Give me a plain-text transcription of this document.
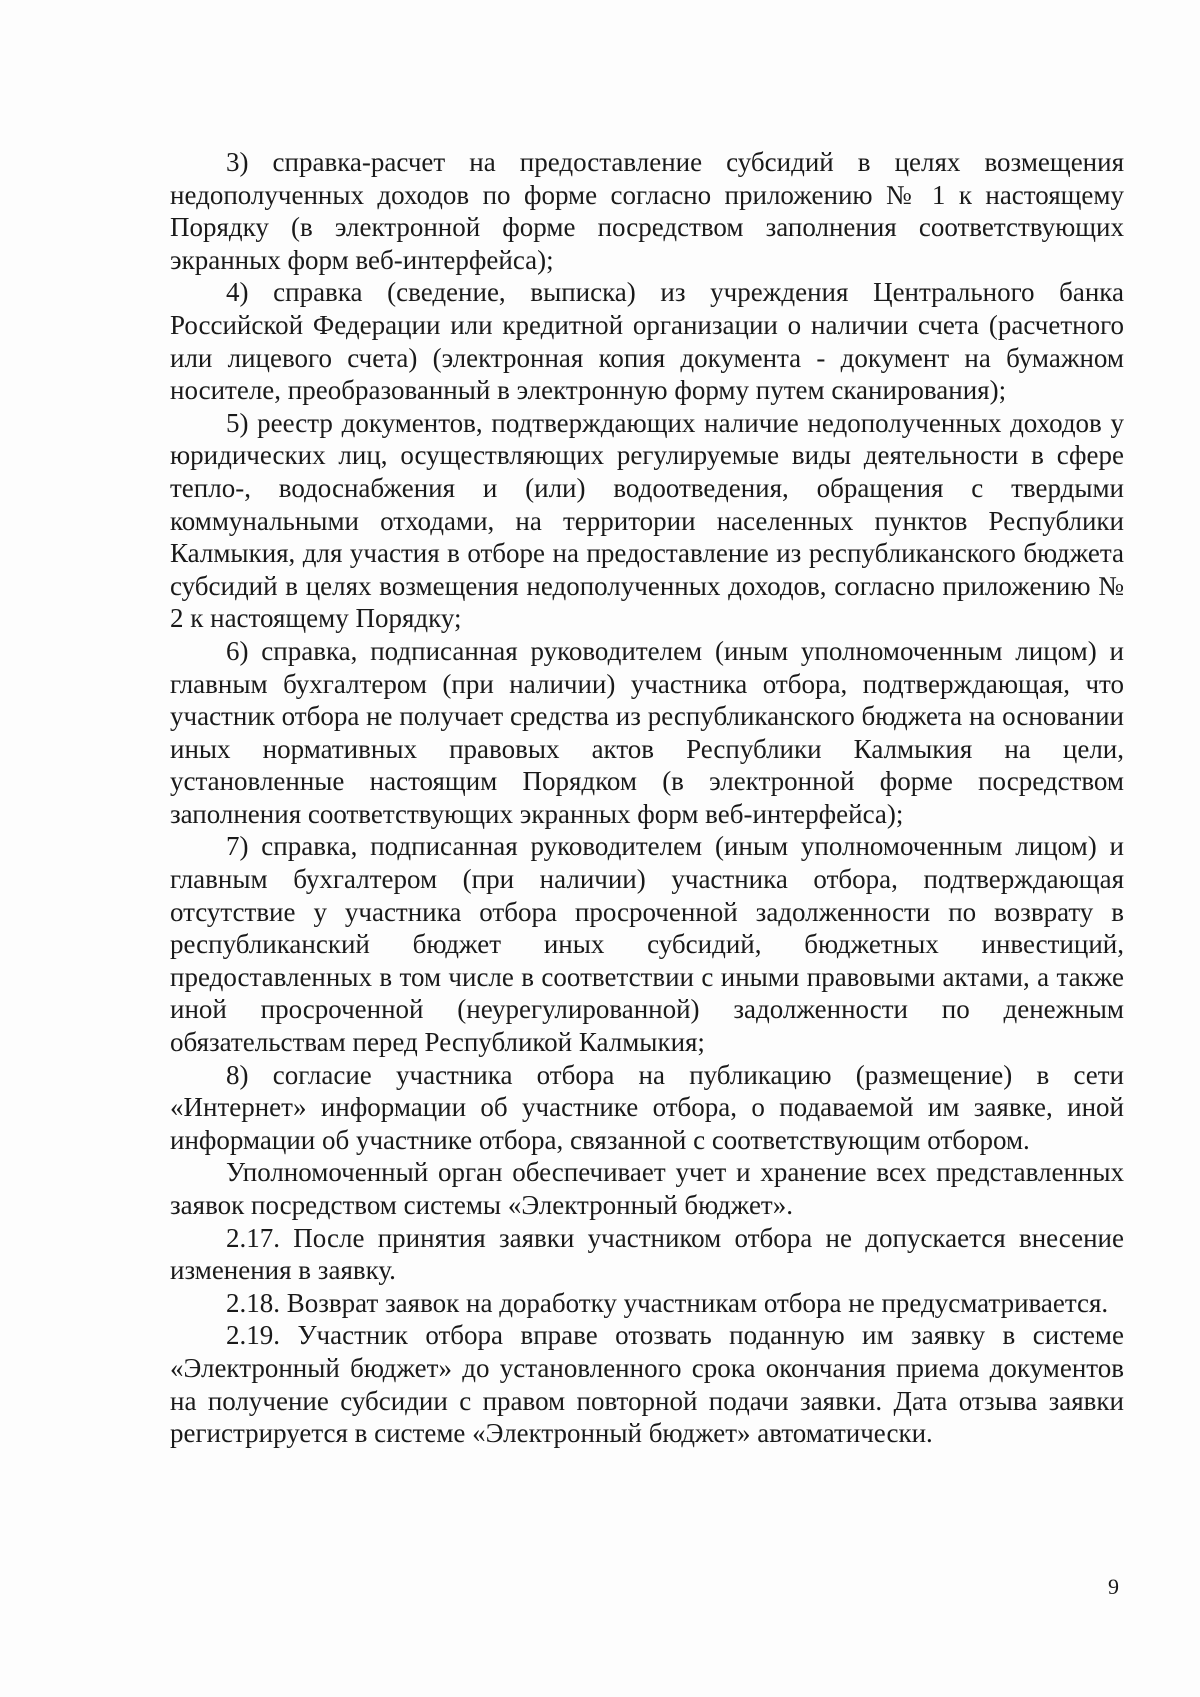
3) справка-расчет на предоставление субсидий в целях возмещения недополученных доходов по форме согласно приложению № 1 к настоящему Порядку (в электронной форме посредством заполнения соответствующих экранных форм веб-интерфейса);

4) справка (сведение, выписка) из учреждения Центрального банка Российской Федерации или кредитной организации о наличии счета (расчетного или лицевого счета) (электронная копия документа - документ на бумажном носителе, преобразованный в электронную форму путем сканирования);

5) реестр документов, подтверждающих наличие недополученных доходов у юридических лиц, осуществляющих регулируемые виды деятельности в сфере тепло-, водоснабжения и (или) водоотведения, обращения с твердыми коммунальными отходами, на территории населенных пунктов Республики Калмыкия, для участия в отборе на предоставление из республиканского бюджета субсидий в целях возмещения недополученных доходов, согласно приложению № 2 к настоящему Порядку;

6) справка, подписанная руководителем (иным уполномоченным лицом) и главным бухгалтером (при наличии) участника отбора, подтверждающая, что участник отбора не получает средства из республиканского бюджета на основании иных нормативных правовых актов Республики Калмыкия на цели, установленные настоящим Порядком (в электронной форме посредством заполнения соответствующих экранных форм веб-интерфейса);

7) справка, подписанная руководителем (иным уполномоченным лицом) и главным бухгалтером (при наличии) участника отбора, подтверждающая отсутствие у участника отбора просроченной задолженности по возврату в республиканский бюджет иных субсидий, бюджетных инвестиций, предоставленных в том числе в соответствии с иными правовыми актами, а также иной просроченной (неурегулированной) задолженности по денежным обязательствам перед Республикой Калмыкия;

8) согласие участника отбора на публикацию (размещение) в сети «Интернет» информации об участнике отбора, о подаваемой им заявке, иной информации об участнике отбора, связанной с соответствующим отбором.

Уполномоченный орган обеспечивает учет и хранение всех представленных заявок посредством системы «Электронный бюджет».

2.17. После принятия заявки участником отбора не допускается внесение изменения в заявку.

2.18. Возврат заявок на доработку участникам отбора не предусматривается.

2.19. Участник отбора вправе отозвать поданную им заявку в системе «Электронный бюджет» до установленного срока окончания приема документов на получение субсидии с правом повторной подачи заявки. Дата отзыва заявки регистрируется в системе «Электронный бюджет» автоматически.

9
